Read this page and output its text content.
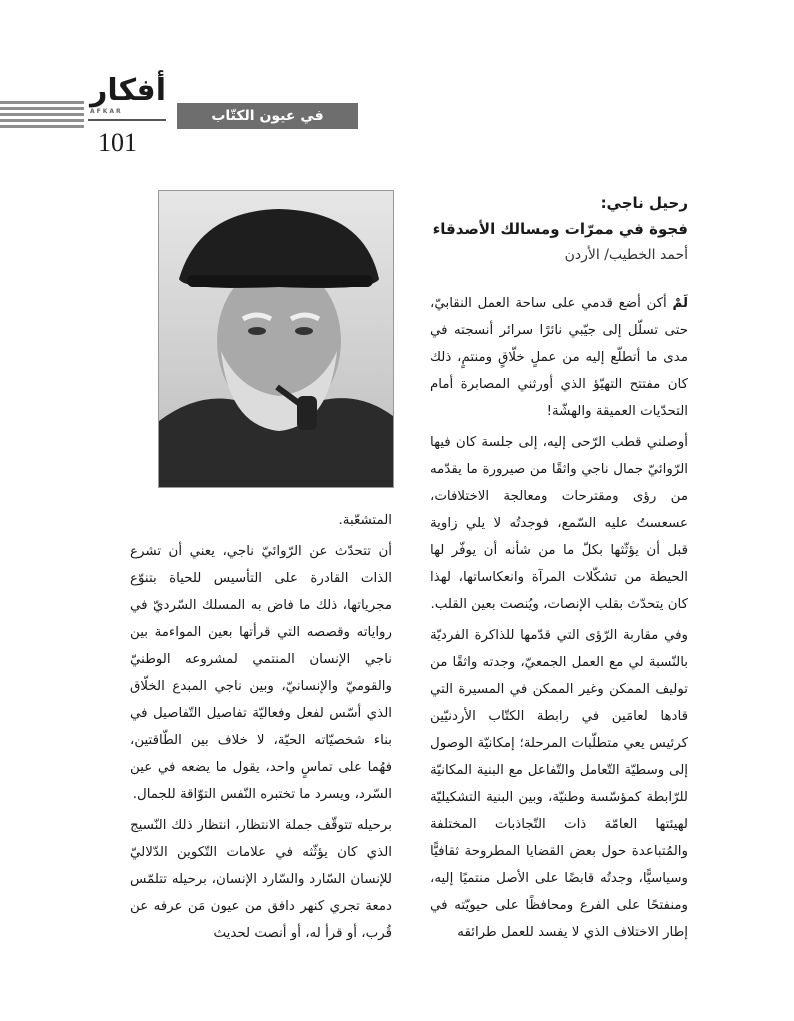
أفكار
AFKAR
101
في عيون الكتّاب والمبدعين
رحيل ناجي:
فجوة في ممرّات ومسالك الأصدقاء
أحمد الخطيب/ الأردن

لَمْ أكن أضع قدمي على ساحة العمل النقابيّ، حتى تسلّل إلى جيّبي نائرًا سرائر أنسجته في مدى ما أتطلّع إليه من عملٍ خلّاقٍ ومنتمٍ، ذلك كان مفتتح التهيّؤ الذي أورثني المصابرة أمام التحدّيات العميقة والهشّة!

أوصلني قطب الرّحى إليه، إلى جلسة كان فيها الرّوائيّ جمال ناجي واثقًا من صيرورة ما يقدّمه من رؤى ومقترحات ومعالجة الاختلافات، عسعستُ عليه السّمع، فوجدتُه لا يلي زاوية قبل أن يؤثّثها بكلّ ما من شأنه أن يوفّر لها الحيطة من تشكّلات المرآة وانعكاساتها، لهذا كان يتحدّث بقلب الإنصات، ويُنصت بعين القلب.

وفي مقاربة الرّؤى التي قدّمها للذاكرة الفرديّة بالنّسبة لي مع العمل الجمعيّ، وجدته واثقًا من توليف الممكن وغير الممكن في المسيرة التي قادها لعامَين في رابطة الكتّاب الأردنيّين كرئيس يعي متطلّبات المرحلة؛ إمكانيّة الوصول إلى وسطيّة التّعامل والتّفاعل مع البنية المكانيّة للرّابطة كمؤسّسة وطنيّة، وبين البنية التشكيليّة لهيئتها العامّة ذات التّجاذبات المختلفة والمُتباعدة حول بعض القضايا المطروحة ثقافيًّا وسياسيًّا، وجدتُه قابضًا على الأصل منتميًا إليه، ومنفتحًا على الفرع ومحافظًا على حيويّته في إطار الاختلاف الذي لا يفسد للعمل طرائقه

المتشعّبة.

أن تتحدّث عن الرّوائيّ ناجي، يعني أن تشرع الذات القادرة على التأسيس للحياة بتنوّع مجرياتها، ذلك ما فاض به المسلك السّرديّ في رواياته وقصصه التي قرأتها بعين المواءمة بين ناجي الإنسان المنتمي لمشروعه الوطنيّ والقوميّ والإنسانيّ، وبين ناجي المبدع الخلّاق الذي أسّس لفعل وفعاليّة تفاصيل التّفاصيل في بناء شخصيّاته الحيّة، لا خلاف بين الطّاقتين، فهُما على تماسٍ واحد، يقول ما يضعه في عين السّرد، ويسرد ما تختبره النّفس التوّاقة للجمال.

برحيله تتوقّف جملة الانتظار، انتظار ذلك النّسيج الذي كان يؤثّثه في علامات التّكوين الدّلاليّ للإنسان السّارد والسّارد الإنسان، برحيله تتلمّس دمعة تجري كنهر دافق من عيون مَن عرفه عن قُرب، أو قرأ له، أو أنصت لحديث
